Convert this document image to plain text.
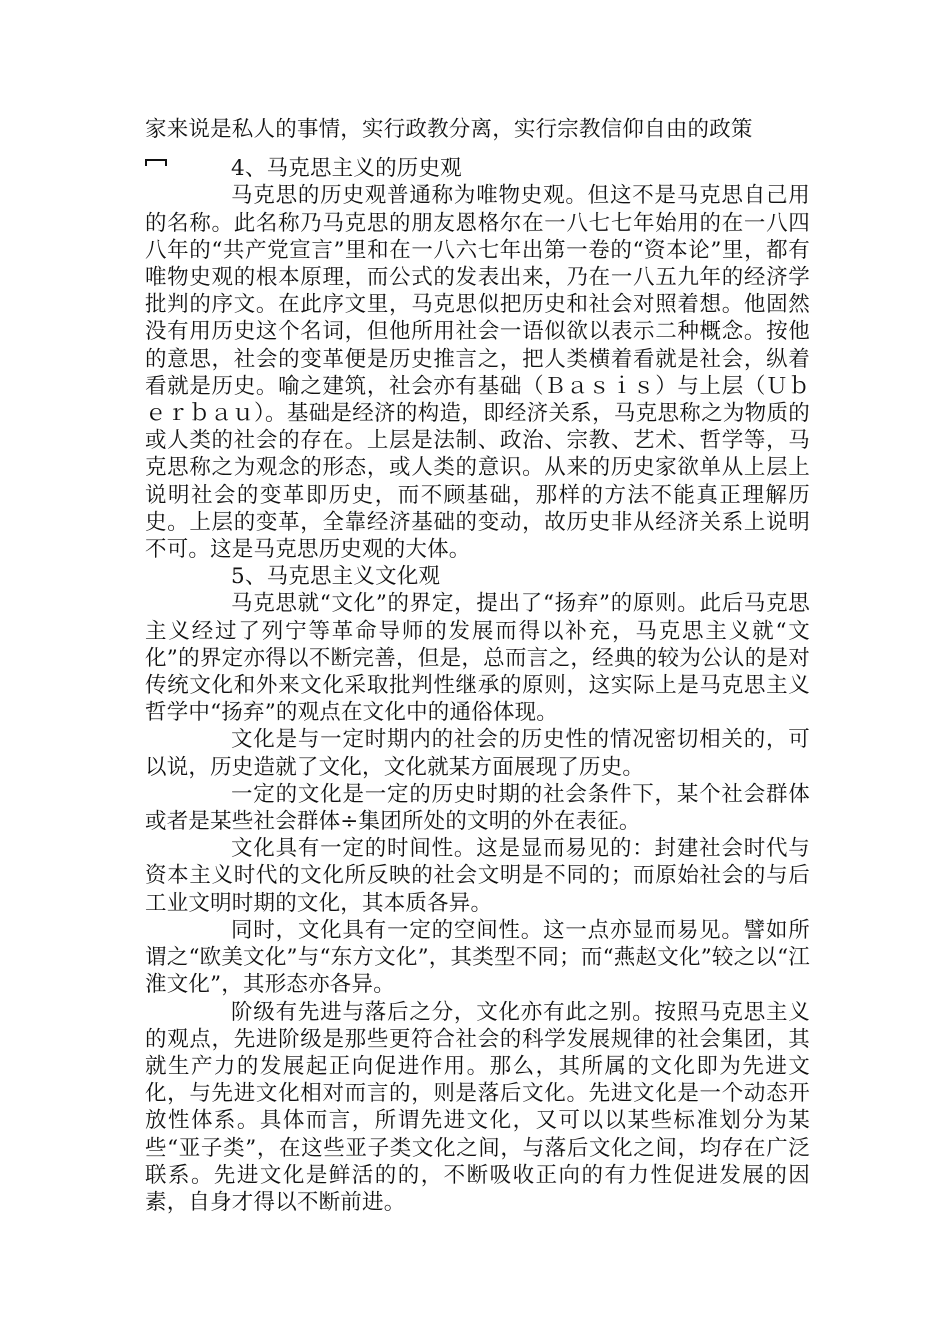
家来说是私人的事情，实行政教分离，实行宗教信仰自由的政策

4、马克思主义的历史观

马克思的历史观普通称为唯物史观。但这不是马克思自己用的名称。此名称乃马克思的朋友恩格尔在一八七七年始用的在一八四八年的“共产党宣言”里和在一八六七年出第一卷的“资本论”里，都有唯物史观的根本原理，而公式的发表出来，乃在一八五九年的经济学批判的序文。在此序文里，马克思似把历史和社会对照着想。他固然没有用历史这个名词，但他所用社会一语似欲以表示二种概念。按他的意思，社会的变革便是历史推言之，把人类横着看就是社会，纵着看就是历史。喻之建筑，社会亦有基础（Ｂａｓｉｓ）与上层（Ｕｂｅｒｂａｕ）。基础是经济的构造，即经济关系，马克思称之为物质的或人类的社会的存在。上层是法制、政治、宗教、艺术、哲学等，马克思称之为观念的形态，或人类的意识。从来的历史家欲单从上层上说明社会的变革即历史，而不顾基础，那样的方法不能真正理解历史。上层的变革，全靠经济基础的变动，故历史非从经济关系上说明不可。这是马克思历史观的大体。

5、马克思主义文化观

马克思就“文化”的界定，提出了“扬弃”的原则。此后马克思主义经过了列宁等革命导师的发展而得以补充，马克思主义就“文化”的界定亦得以不断完善，但是，总而言之，经典的较为公认的是对传统文化和外来文化采取批判性继承的原则，这实际上是马克思主义哲学中“扬弃”的观点在文化中的通俗体现。

文化是与一定时期内的社会的历史性的情况密切相关的，可以说，历史造就了文化，文化就某方面展现了历史。

一定的文化是一定的历史时期的社会条件下，某个社会群体或者是某些社会群体÷集团所处的文明的外在表征。

文化具有一定的时间性。这是显而易见的：封建社会时代与资本主义时代的文化所反映的社会文明是不同的；而原始社会的与后工业文明时期的文化，其本质各异。

同时，文化具有一定的空间性。这一点亦显而易见。譬如所谓之“欧美文化”与“东方文化”，其类型不同；而“燕赵文化”较之以“江淮文化”，其形态亦各异。

阶级有先进与落后之分，文化亦有此之别。按照马克思主义的观点，先进阶级是那些更符合社会的科学发展规律的社会集团，其就生产力的发展起正向促进作用。那么，其所属的文化即为先进文化，与先进文化相对而言的，则是落后文化。先进文化是一个动态开放性体系。具体而言，所谓先进文化，又可以以某些标准划分为某些“亚子类”，在这些亚子类文化之间，与落后文化之间，均存在广泛联系。先进文化是鲜活的的，不断吸收正向的有力性促进发展的因素，自身才得以不断前进。
